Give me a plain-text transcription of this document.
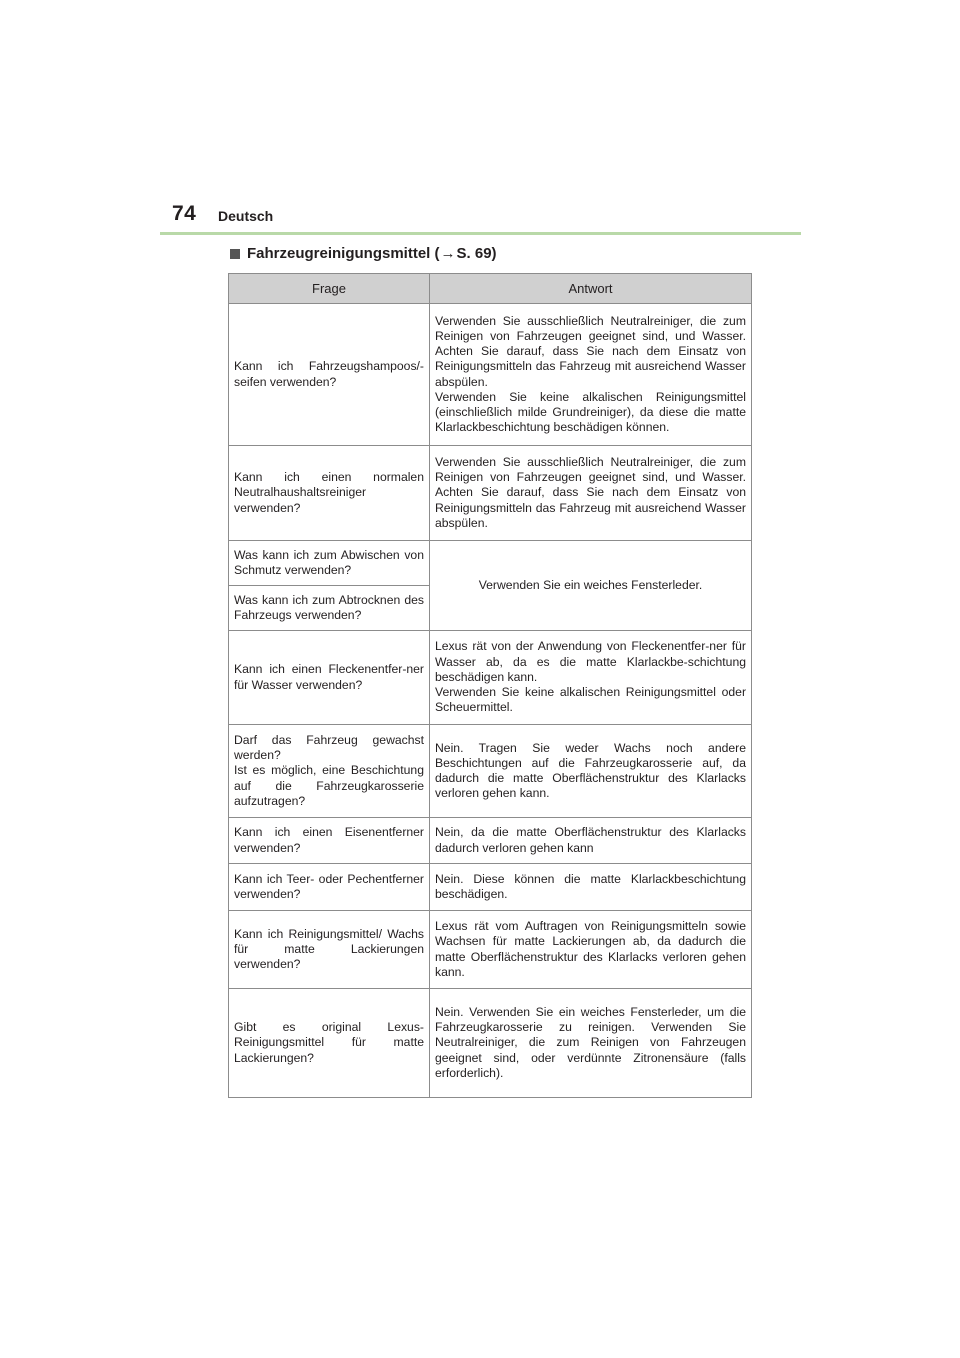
74 Deutsch
Fahrzeugreinigungsmittel ( → S. 69)
Frage	Antwort
Kann ich Fahrzeugshampoos/-seifen verwenden?	Verwenden Sie ausschließlich Neutralreiniger, die zum Reinigen von Fahrzeugen geeignet sind, und Wasser. Achten Sie darauf, dass Sie nach dem Einsatz von Reinigungsmitteln das Fahrzeug mit ausreichend Wasser abspülen.
Verwenden Sie keine alkalischen Reinigungsmittel (einschließlich milde Grundreiniger), da diese die matte Klarlackbeschichtung beschädigen können.

Kann ich einen normalen Neutralhaushaltsreiniger verwenden?	Verwenden Sie ausschließlich Neutralreiniger, die zum Reinigen von Fahrzeugen geeignet sind, und Wasser. Achten Sie darauf, dass Sie nach dem Einsatz von Reinigungsmitteln das Fahrzeug mit ausreichend Wasser abspülen.
Was kann ich zum Abwischen von Schmutz verwenden?	Verwenden Sie ein weiches Fensterleder.
Was kann ich zum Abtrocknen des Fahrzeugs verwenden?	
Kann ich einen Fleckenentfer-ner für Wasser verwenden?	Lexus rät von der Anwendung von Fleckenentfer-ner für Wasser ab, da es die matte Klarlackbe-schichtung beschädigen kann.
Verwenden Sie keine alkalischen Reinigungsmittel oder Scheuermittel.

Darf das Fahrzeug gewachst werden?
Ist es möglich, eine Beschichtung auf die Fahrzeugkarosserie aufzutragen?	Nein. Tragen Sie weder Wachs noch andere Beschichtungen auf die Fahrzeugkarosserie auf, da dadurch die matte Oberflächenstruktur des Klarlacks verloren gehen kann.
Kann ich einen Eisenentferner verwenden?	Nein, da die matte Oberflächenstruktur des Klarlacks dadurch verloren gehen kann
Kann ich Teer- oder Pechentferner verwenden?	Nein. Diese können die matte Klarlackbeschichtung beschädigen.
Kann ich Reinigungsmittel/ Wachs für matte Lackierungen verwenden?	Lexus rät vom Auftragen von Reinigungsmitteln sowie Wachsen für matte Lackierungen ab, da dadurch die matte Oberflächenstruktur des Klarlacks verloren gehen kann.
Gibt es original Lexus-Reinigungsmittel für matte Lackierungen?	Nein. Verwenden Sie ein weiches Fensterleder, um die Fahrzeugkarosserie zu reinigen. Verwenden Sie Neutralreiniger, die zum Reinigen von Fahrzeugen geeignet sind, oder verdünnte Zitronensäure (falls erforderlich).
